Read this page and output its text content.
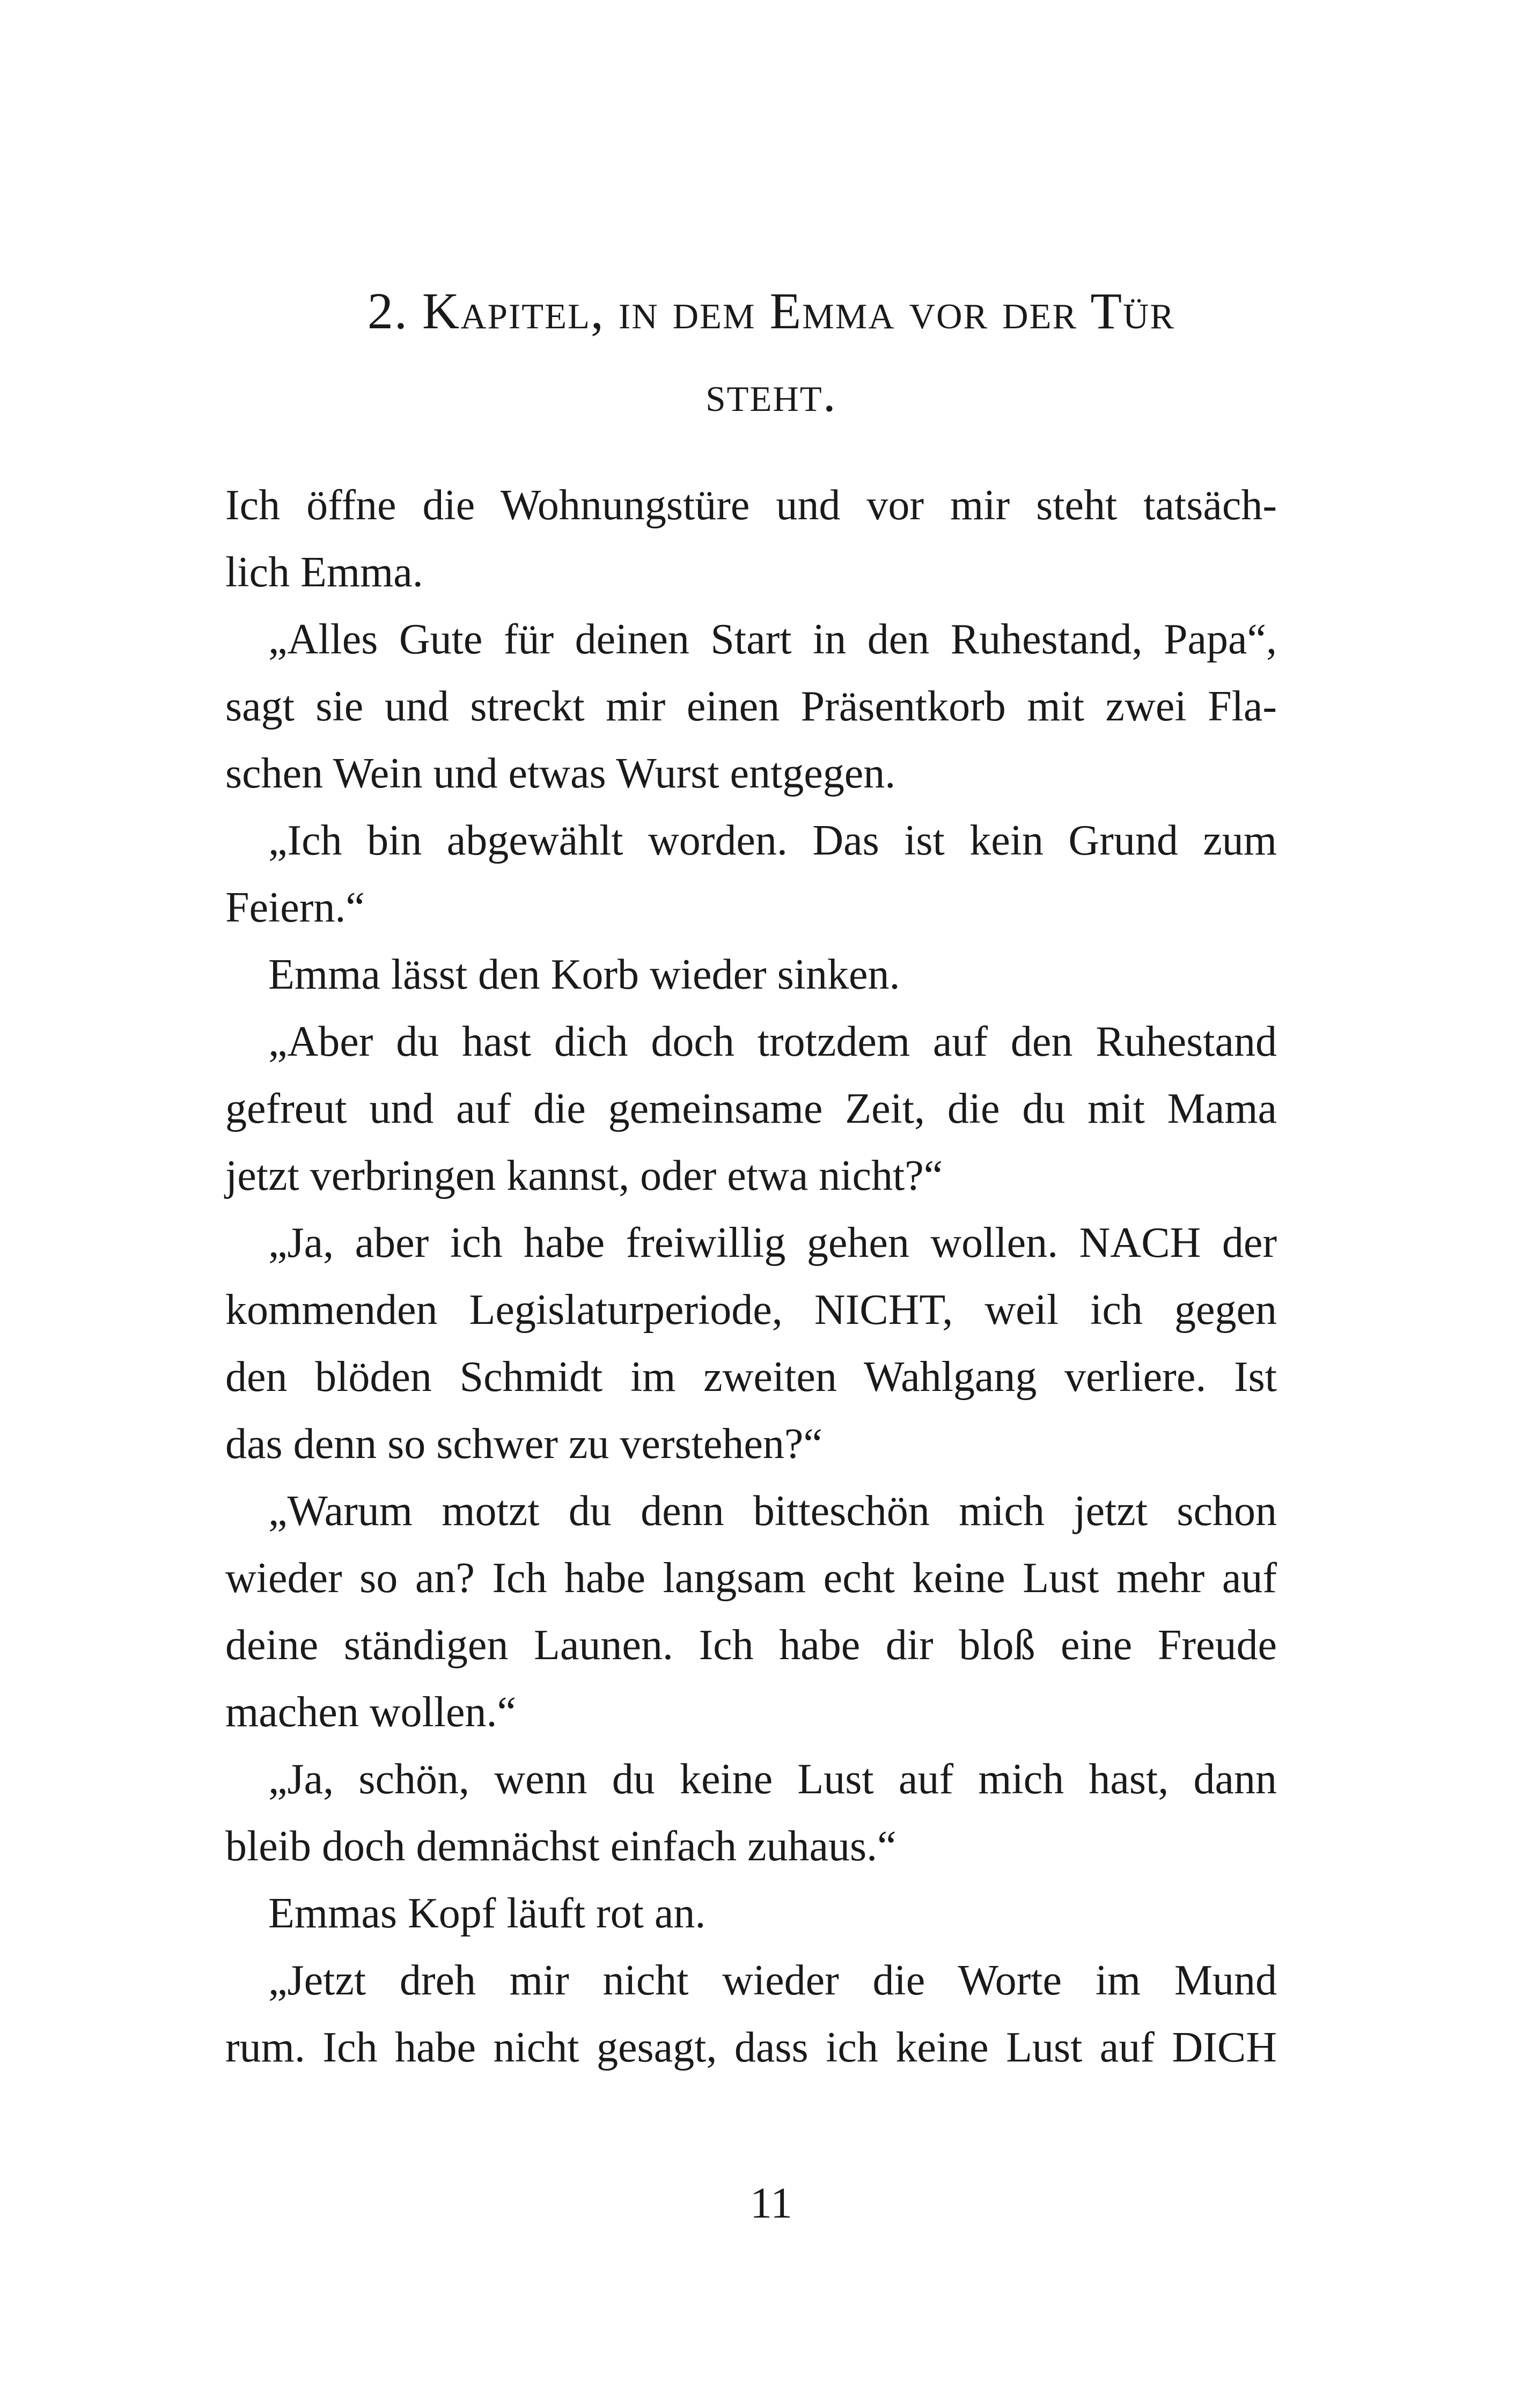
2. Kapitel, in dem Emma vor der Tür
steht.
Ich öffne die Wohnungstüre und vor mir steht tatsäch-
lich Emma.
„Alles Gute für deinen Start in den Ruhestand, Papa“,
sagt sie und streckt mir einen Präsentkorb mit zwei Fla-
schen Wein und etwas Wurst entgegen.
„Ich bin abgewählt worden. Das ist kein Grund zum
Feiern.“
Emma lässt den Korb wieder sinken.
„Aber du hast dich doch trotzdem auf den Ruhestand
gefreut und auf die gemeinsame Zeit, die du mit Mama
jetzt verbringen kannst, oder etwa nicht?“
„Ja, aber ich habe freiwillig gehen wollen. NACH der
kommenden Legislaturperiode, NICHT, weil ich gegen
den blöden Schmidt im zweiten Wahlgang verliere. Ist
das denn so schwer zu verstehen?“
„Warum motzt du denn bitteschön mich jetzt schon
wieder so an? Ich habe langsam echt keine Lust mehr auf
deine ständigen Launen. Ich habe dir bloß eine Freude
machen wollen.“
„Ja, schön, wenn du keine Lust auf mich hast, dann
bleib doch demnächst einfach zuhaus.“
Emmas Kopf läuft rot an.
„Jetzt dreh mir nicht wieder die Worte im Mund
rum. Ich habe nicht gesagt, dass ich keine Lust auf DICH
11
